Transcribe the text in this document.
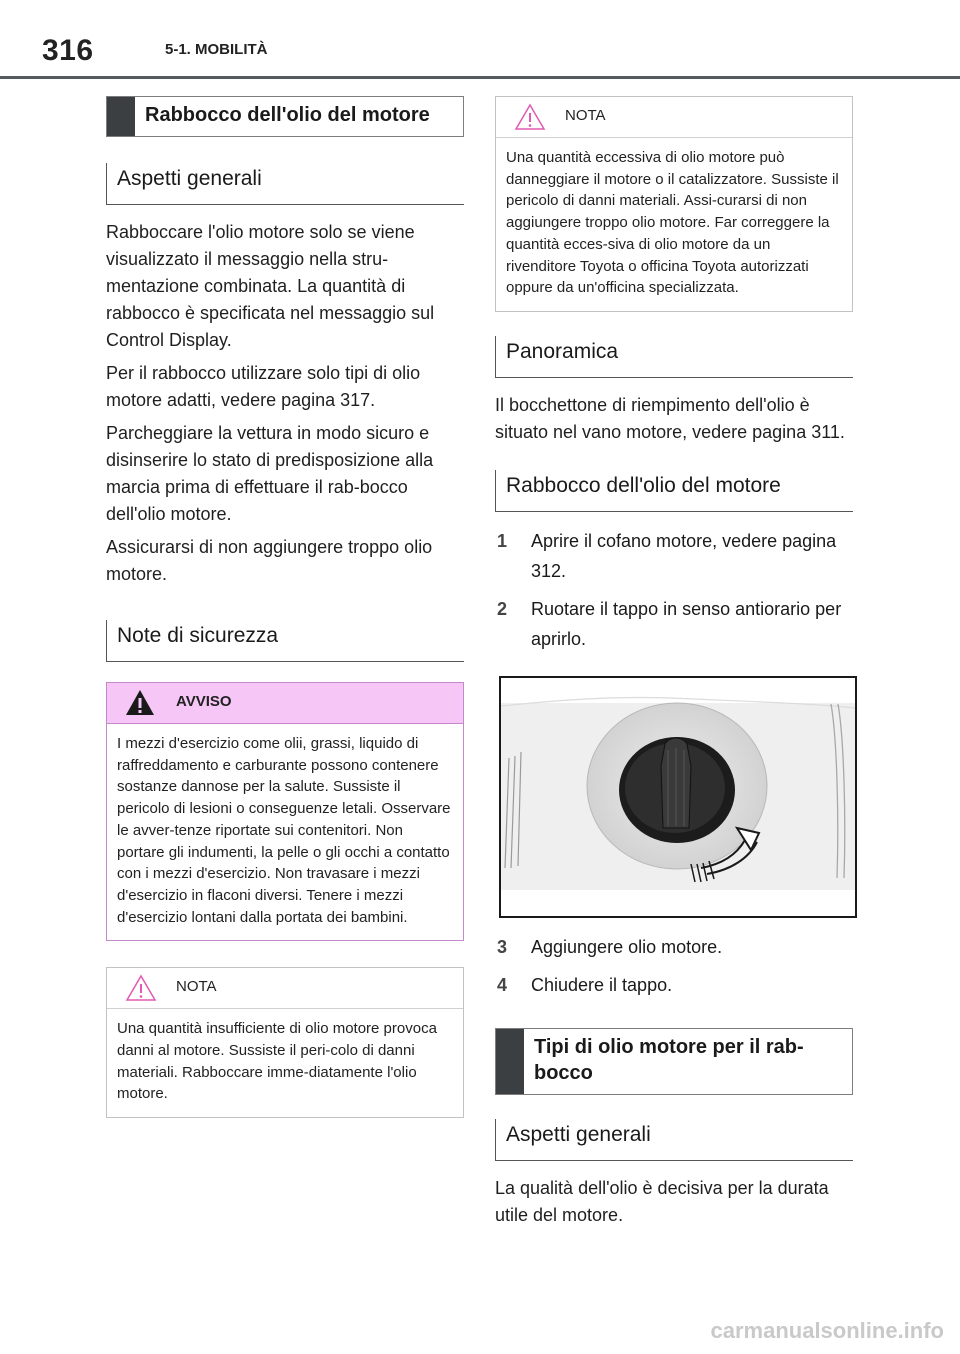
316	5-1. MOBILITÀ
Rabbocco dell'olio del motore
Aspetti generali

Rabboccare l'olio motore solo se viene visualizzato il messaggio nella stru-mentazione combinata. La quantità di rabbocco è specificata nel messaggio sul Control Display.

Per il rabbocco utilizzare solo tipi di olio motore adatti, vedere pagina 317.

Parcheggiare la vettura in modo sicuro e disinserire lo stato di predisposizione alla marcia prima di effettuare il rab-bocco dell'olio motore.

Assicurarsi di non aggiungere troppo olio motore.

Note di sicurezza
AVVISO
I mezzi d'esercizio come olii, grassi, liquido di raffreddamento e carburante possono contenere sostanze dannose per la salute. Sussiste il pericolo di lesioni o conseguenze letali. Osservare le avver-tenze riportate sui contenitori. Non portare gli indumenti, la pelle o gli occhi a contatto con i mezzi d'esercizio. Non travasare i mezzi d'esercizio in flaconi diversi. Tenere i mezzi d'esercizio lontani dalla portata dei bambini.
NOTA
Una quantità insufficiente di olio motore provoca danni al motore. Sussiste il peri-colo di danni materiali. Rabboccare imme-diatamente l'olio motore.
NOTA
Una quantità eccessiva di olio motore può danneggiare il motore o il catalizzatore. Sussiste il pericolo di danni materiali. Assi-curarsi di non aggiungere troppo olio motore. Far correggere la quantità ecces-siva di olio motore da un rivenditore Toyota o officina Toyota autorizzati oppure da un'officina specializzata.
Panoramica

Il bocchettone di riempimento dell'olio è situato nel vano motore, vedere pagina 311.

Rabbocco dell'olio del motore
1	Aprire il cofano motore, vedere pagina 312.
2	Ruotare il tappo in senso antiorario per aprirlo.
3	Aggiungere olio motore.
4	Chiudere il tappo.
Tipi di olio motore per il rab-bocco
Aspetti generali

La qualità dell'olio è decisiva per la durata utile del motore.

carmanualsonline.info
